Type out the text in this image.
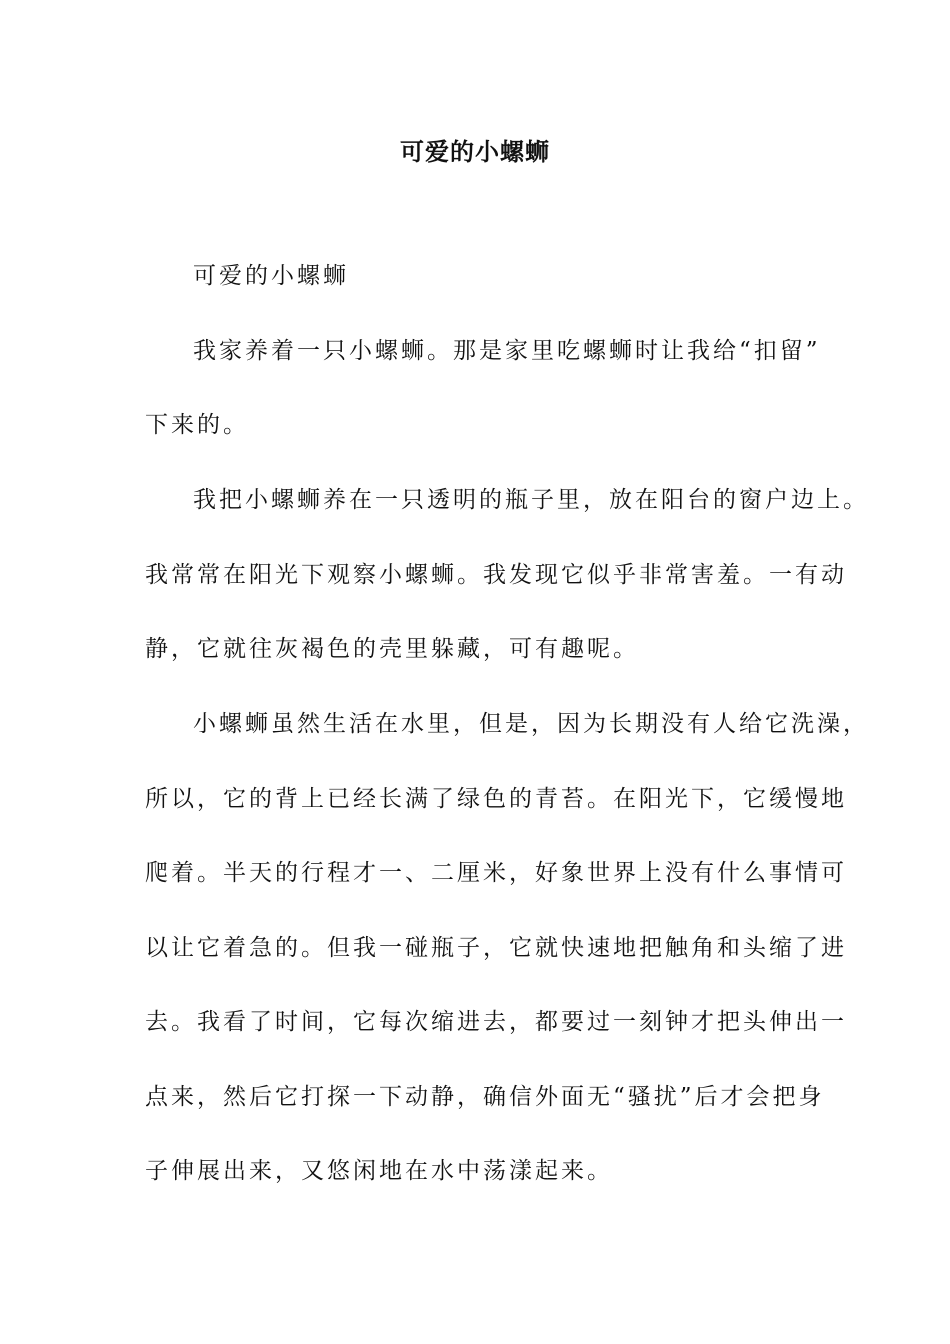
可爱的小螺蛳
可爱的小螺蛳
我家养着一只小螺蛳。那是家里吃螺蛳时让我给“扣留”
下来的。
我把小螺蛳养在一只透明的瓶子里，放在阳台的窗户边上。
我常常在阳光下观察小螺蛳。我发现它似乎非常害羞。一有动
静，它就往灰褐色的壳里躲藏，可有趣呢。
小螺蛳虽然生活在水里，但是，因为长期没有人给它洗澡，
所以，它的背上已经长满了绿色的青苔。在阳光下，它缓慢地
爬着。半天的行程才一、二厘米，好象世界上没有什么事情可
以让它着急的。但我一碰瓶子，它就快速地把触角和头缩了进
去。我看了时间，它每次缩进去，都要过一刻钟才把头伸出一
点来，然后它打探一下动静，确信外面无“骚扰”后才会把身
子伸展出来，又悠闲地在水中荡漾起来。
